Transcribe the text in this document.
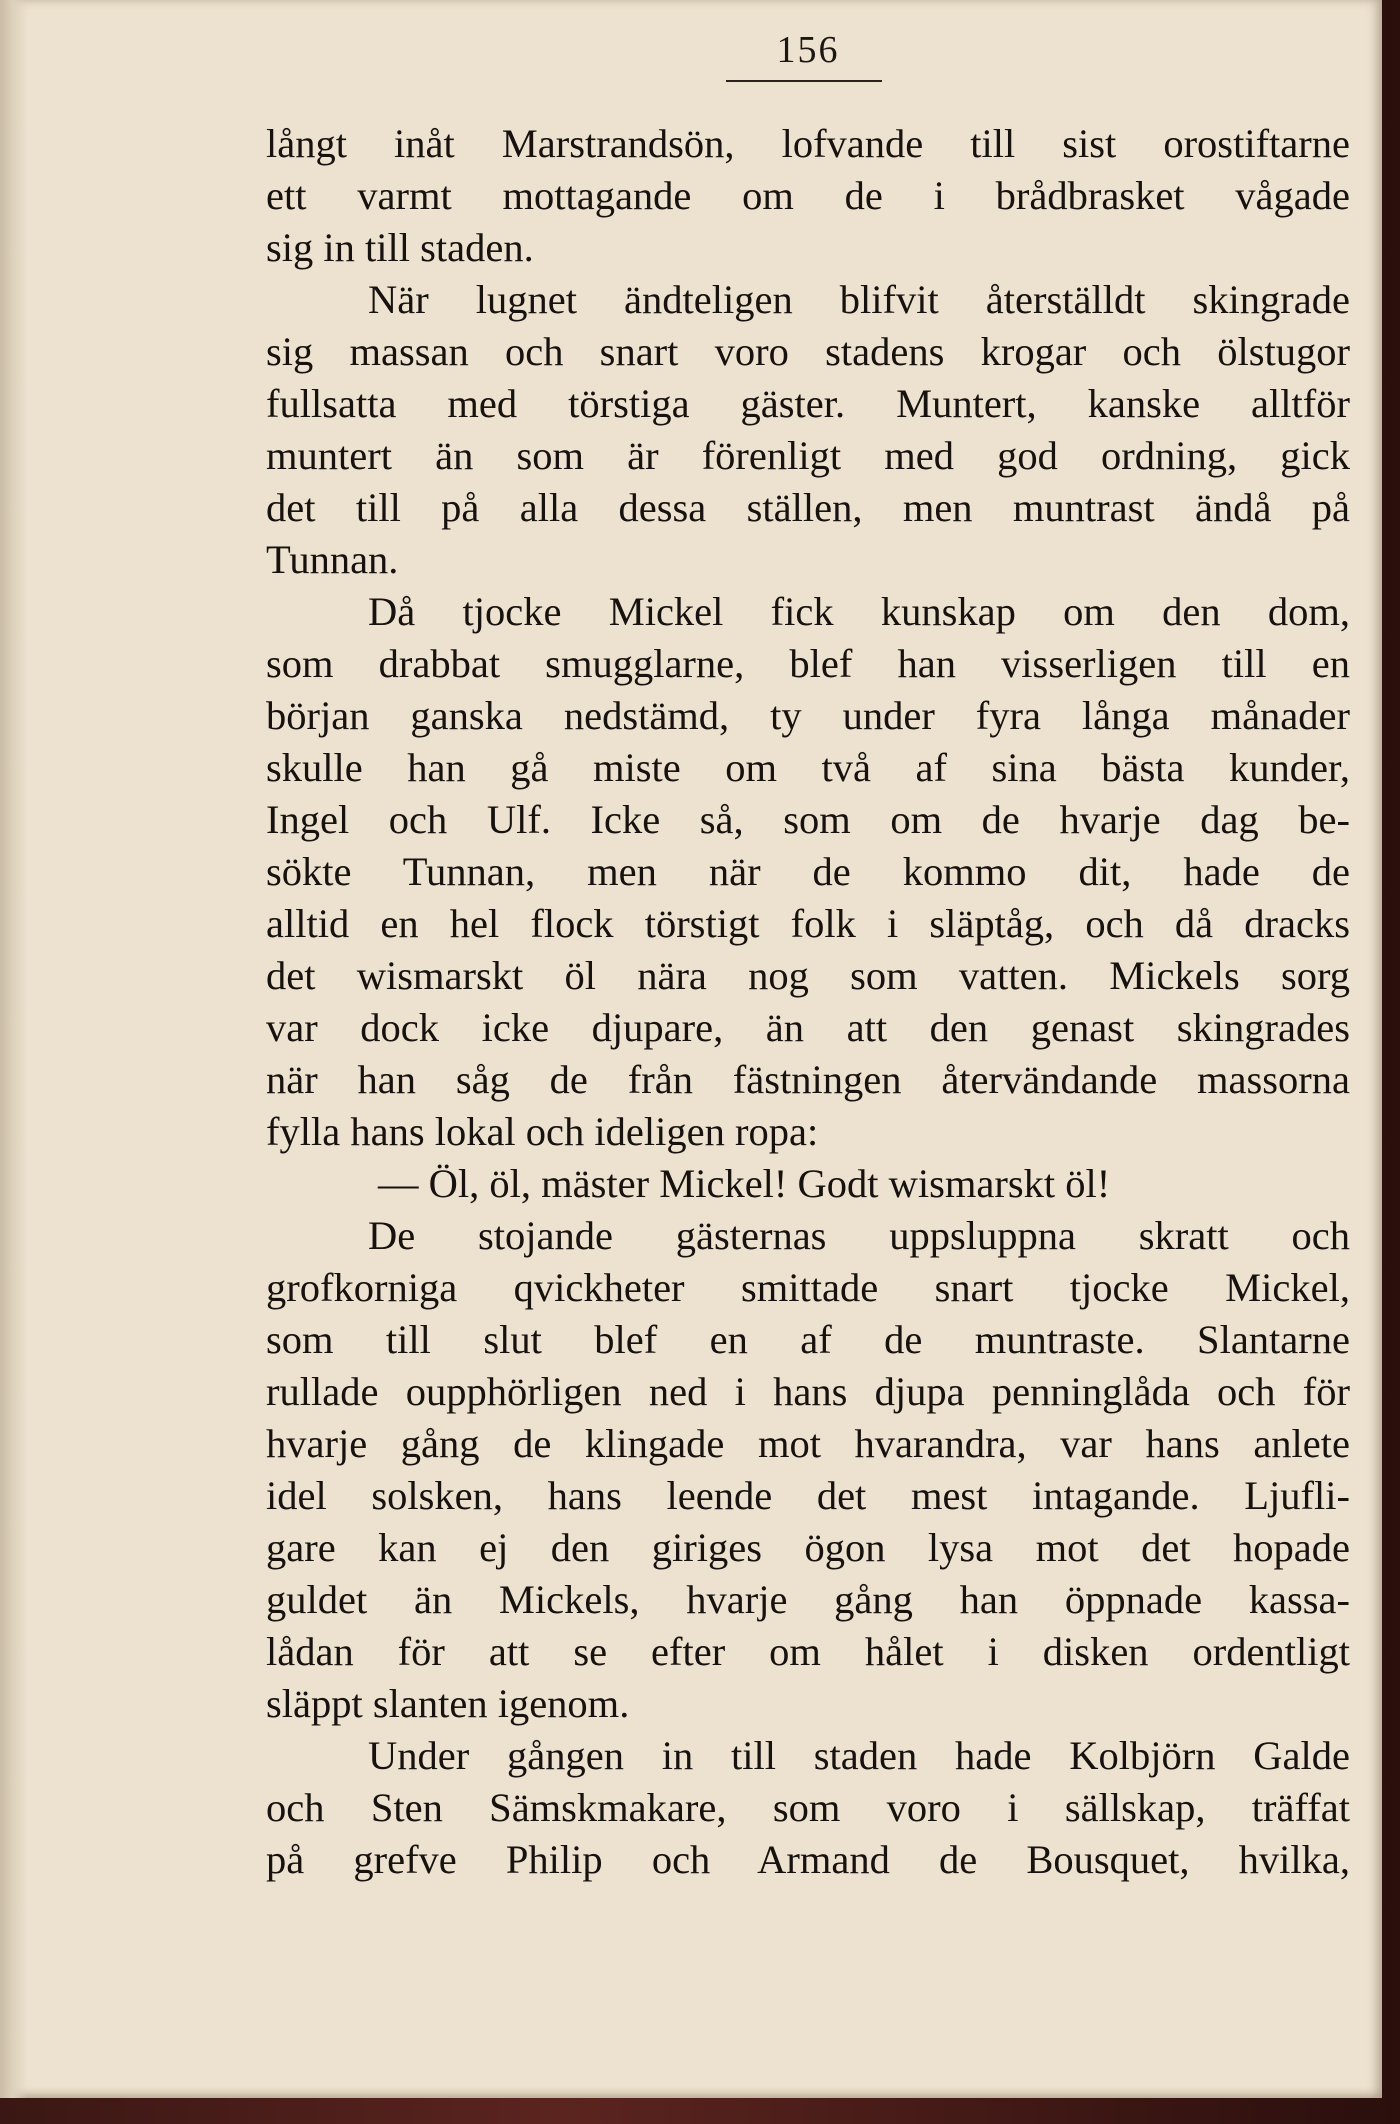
156
långt inåt Marstrandsön, lofvande till sist orostiftarne
ett varmt mottagande om de i brådbrasket vågade
sig in till staden.
När lugnet ändteligen blifvit återställdt skingrade
sig massan och snart voro stadens krogar och ölstugor
fullsatta med törstiga gäster. Muntert, kanske alltför
muntert än som är förenligt med god ordning, gick
det till på alla dessa ställen, men muntrast ändå på
Tunnan.
Då tjocke Mickel fick kunskap om den dom,
som drabbat smugglarne, blef han visserligen till en
början ganska nedstämd, ty under fyra långa månader
skulle han gå miste om två af sina bästa kunder,
Ingel och Ulf. Icke så, som om de hvarje dag be-
sökte Tunnan, men när de kommo dit, hade de
alltid en hel flock törstigt folk i släptåg, och då dracks
det wismarskt öl nära nog som vatten. Mickels sorg
var dock icke djupare, än att den genast skingrades
när han såg de från fästningen återvändande massorna
fylla hans lokal och ideligen ropa:
— Öl, öl, mäster Mickel! Godt wismarskt öl!
De stojande gästernas uppsluppna skratt och
grofkorniga qvickheter smittade snart tjocke Mickel,
som till slut blef en af de muntraste. Slantarne
rullade oupphörligen ned i hans djupa penninglåda och för
hvarje gång de klingade mot hvarandra, var hans anlete
idel solsken, hans leende det mest intagande. Ljufli-
gare kan ej den giriges ögon lysa mot det hopade
guldet än Mickels, hvarje gång han öppnade kassa-
lådan för att se efter om hålet i disken ordentligt
släppt slanten igenom.
Under gången in till staden hade Kolbjörn Galde
och Sten Sämskmakare, som voro i sällskap, träffat
på grefve Philip och Armand de Bousquet, hvilka,
